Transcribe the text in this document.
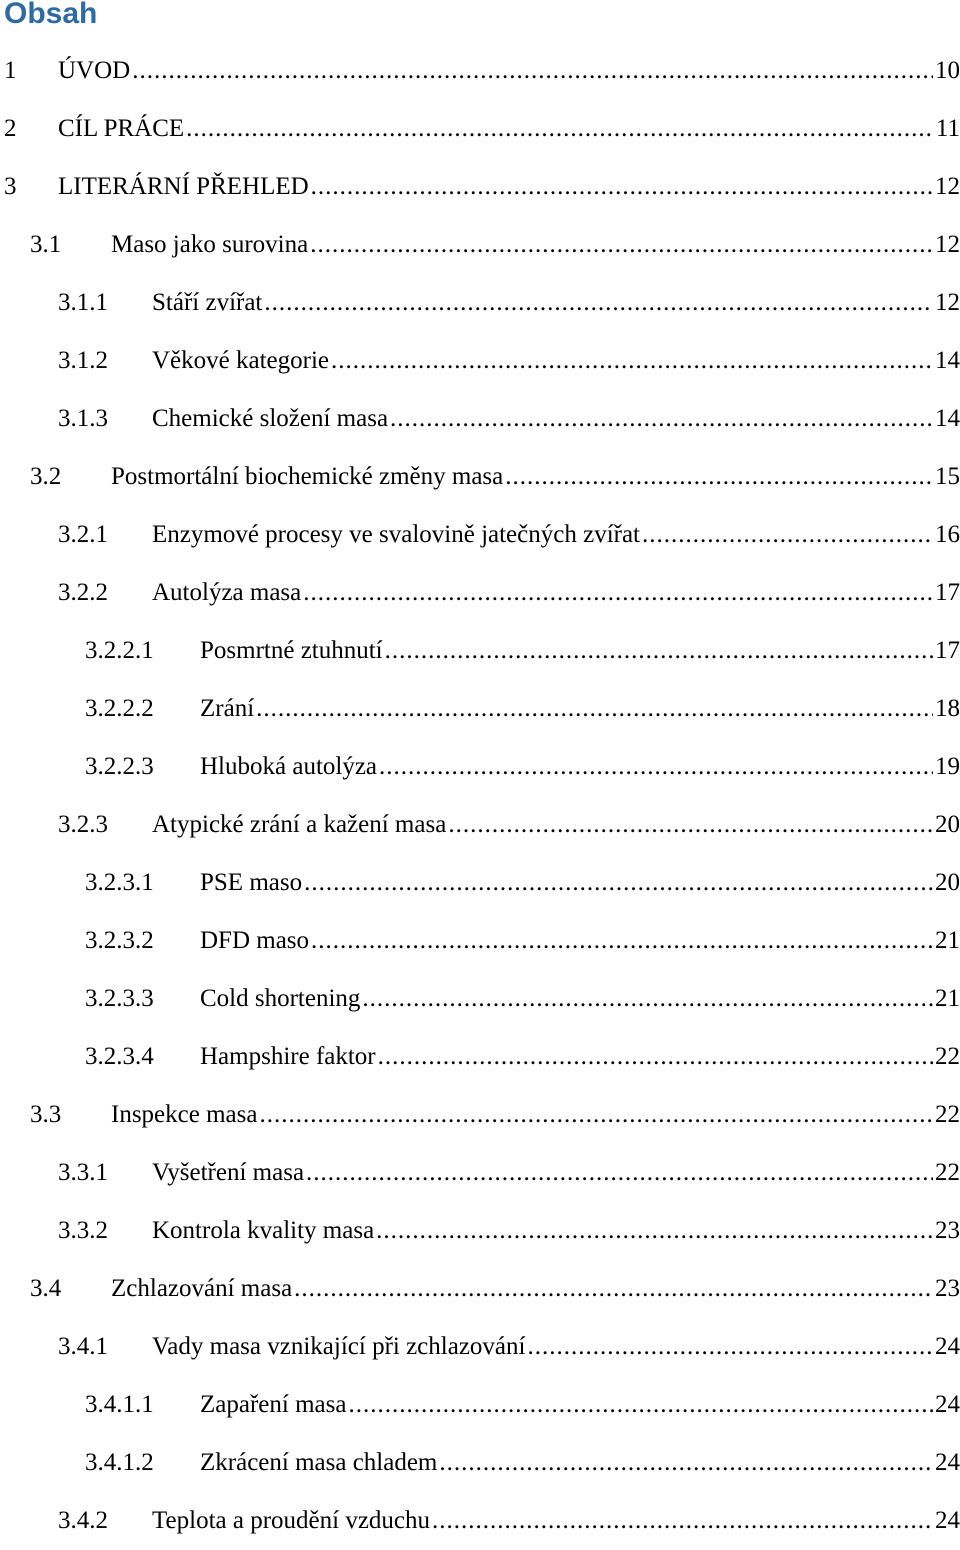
Obsah
1 ÚVOD .....	10
2 CÍL PRÁCE .....	11
3 LITERÁRNÍ PŘEHLED .....	12
3.1 Maso jako surovina .....	12
3.1.1 Stáří zvířat .....	12
3.1.2 Věkové kategorie .....	14
3.1.3 Chemické složení masa .....	14
3.2 Postmortální biochemické změny masa .....	15
3.2.1 Enzymové procesy ve svalovině jatečných zvířat .....	16
3.2.2 Autolýza masa .....	17
3.2.2.1 Posmrtné ztuhnutí .....	17
3.2.2.2 Zrání .....	18
3.2.2.3 Hluboká autolýza .....	19
3.2.3 Atypické zrání a kažení masa .....	20
3.2.3.1 PSE maso .....	20
3.2.3.2 DFD maso .....	21
3.2.3.3 Cold shortening .....	21
3.2.3.4 Hampshire faktor .....	22
3.3 Inspekce masa .....	22
3.3.1 Vyšetření masa .....	22
3.3.2 Kontrola kvality masa .....	23
3.4 Zchlazování masa .....	23
3.4.1 Vady masa vznikající při zchlazování .....	24
3.4.1.1 Zapaření masa .....	24
3.4.1.2 Zkrácení masa chladem .....	24
3.4.2 Teplota a proudění vzduchu .....	24
